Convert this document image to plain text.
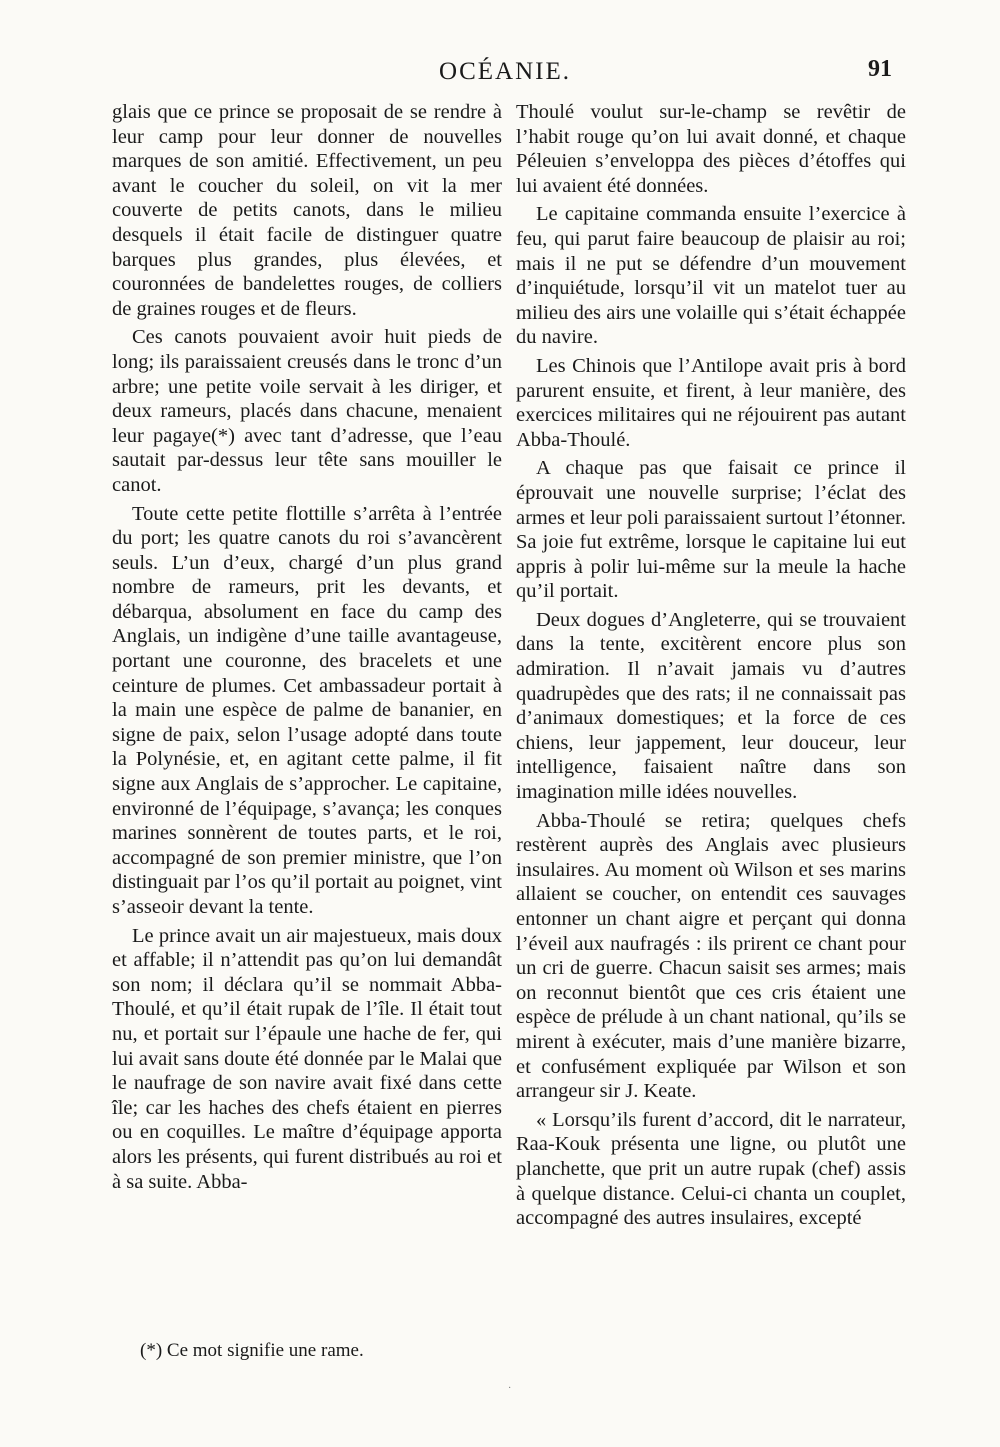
OCÉANIE.	91

glais que ce prince se proposait de se rendre à leur camp pour leur donner de nouvelles marques de son amitié. Effectivement, un peu avant le coucher du soleil, on vit la mer couverte de petits canots, dans le milieu desquels il était facile de distinguer quatre barques plus grandes, plus élevées, et couronnées de bandelettes rouges, de colliers de graines rouges et de fleurs.

Ces canots pouvaient avoir huit pieds de long; ils paraissaient creusés dans le tronc d’un arbre; une petite voile servait à les diriger, et deux rameurs, placés dans chacune, menaient leur pagaye(*) avec tant d’adresse, que l’eau sautait par-dessus leur tête sans mouiller le canot.

Toute cette petite flottille s’arrêta à l’entrée du port; les quatre canots du roi s’avancèrent seuls. L’un d’eux, chargé d’un plus grand nombre de rameurs, prit les devants, et débarqua, absolument en face du camp des Anglais, un indigène d’une taille avantageuse, portant une couronne, des bracelets et une ceinture de plumes. Cet ambassadeur portait à la main une espèce de palme de bananier, en signe de paix, selon l’usage adopté dans toute la Polynésie, et, en agitant cette palme, il fit signe aux Anglais de s’approcher. Le capitaine, environné de l’équipage, s’avança; les conques marines sonnèrent de toutes parts, et le roi, accompagné de son premier ministre, que l’on distinguait par l’os qu’il portait au poignet, vint s’asseoir devant la tente.

Le prince avait un air majestueux, mais doux et affable; il n’attendit pas qu’on lui demandât son nom; il déclara qu’il se nommait Abba-Thoulé, et qu’il était rupak de l’île. Il était tout nu, et portait sur l’épaule une hache de fer, qui lui avait sans doute été donnée par le Malai que le naufrage de son navire avait fixé dans cette île; car les haches des chefs étaient en pierres ou en coquilles. Le maître d’équipage apporta alors les présents, qui furent distribués au roi et à sa suite. Abba-

Thoulé voulut sur-le-champ se revêtir de l’habit rouge qu’on lui avait donné, et chaque Péleuien s’enveloppa des pièces d’étoffes qui lui avaient été données.

Le capitaine commanda ensuite l’exercice à feu, qui parut faire beaucoup de plaisir au roi; mais il ne put se défendre d’un mouvement d’inquiétude, lorsqu’il vit un matelot tuer au milieu des airs une volaille qui s’était échappée du navire.

Les Chinois que l’Antilope avait pris à bord parurent ensuite, et firent, à leur manière, des exercices militaires qui ne réjouirent pas autant Abba-Thoulé.

A chaque pas que faisait ce prince il éprouvait une nouvelle surprise; l’éclat des armes et leur poli paraissaient surtout l’étonner. Sa joie fut extrême, lorsque le capitaine lui eut appris à polir lui-même sur la meule la hache qu’il portait.

Deux dogues d’Angleterre, qui se trouvaient dans la tente, excitèrent encore plus son admiration. Il n’avait jamais vu d’autres quadrupèdes que des rats; il ne connaissait pas d’animaux domestiques; et la force de ces chiens, leur jappement, leur douceur, leur intelligence, faisaient naître dans son imagination mille idées nouvelles.

Abba-Thoulé se retira; quelques chefs restèrent auprès des Anglais avec plusieurs insulaires. Au moment où Wilson et ses marins allaient se coucher, on entendit ces sauvages entonner un chant aigre et perçant qui donna l’éveil aux naufragés : ils prirent ce chant pour un cri de guerre. Chacun saisit ses armes; mais on reconnut bientôt que ces cris étaient une espèce de prélude à un chant national, qu’ils se mirent à exécuter, mais d’une manière bizarre, et confusément expliquée par Wilson et son arrangeur sir J. Keate.

« Lorsqu’ils furent d’accord, dit le narrateur, Raa-Kouk présenta une ligne, ou plutôt une planchette, que prit un autre rupak (chef) assis à quelque distance. Celui-ci chanta un couplet, accompagné des autres insulaires, excepté

(*) Ce mot signifie une rame.
·
